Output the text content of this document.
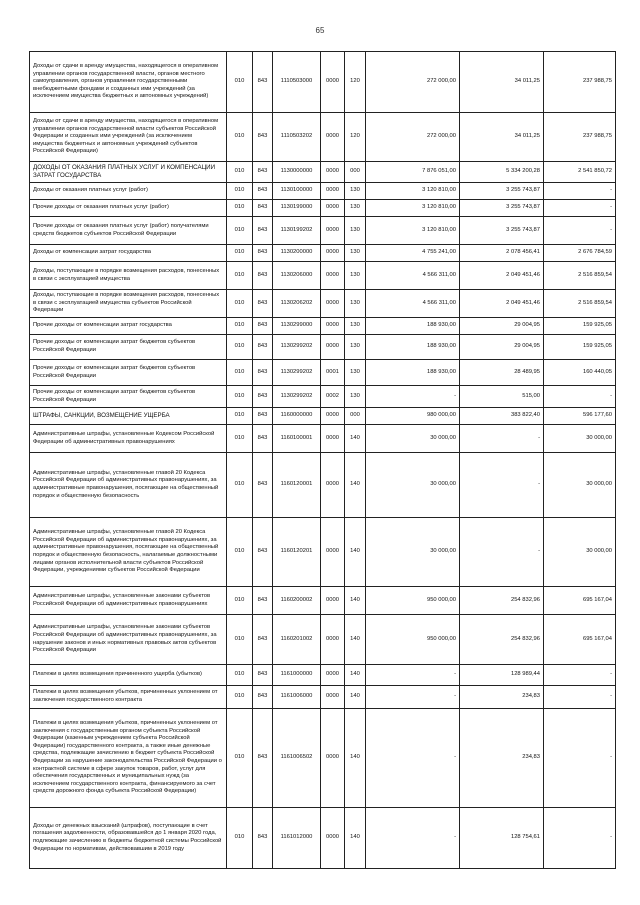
65
Доходы от сдачи в аренду имущества, находящегося в оперативном управлении органов государственной власти, органов местного самоуправления, органов управления государственными внебюджетными фондами и созданных ими учреждений (за исключением имущества бюджетных и автономных учреждений)	010	843	1110503000	0000	120	272 000,00	34 011,25	237 988,75
Доходы от сдачи в аренду имущества, находящегося в оперативном управлении органов государственной власти субъектов Российской Федерации и созданных ими учреждений (за исключением имущества бюджетных и автономных учреждений субъектов Российской Федерации)	010	843	1110503202	0000	120	272 000,00	34 011,25	237 988,75
ДОХОДЫ ОТ ОКАЗАНИЯ ПЛАТНЫХ УСЛУГ И КОМПЕНСАЦИИ ЗАТРАТ ГОСУДАРСТВА	010	843	1130000000	0000	000	7 876 051,00	5 334 200,28	2 541 850,72
Доходы от оказания платных услуг (работ)	010	843	1130100000	0000	130	3 120 810,00	3 255 743,87	-
Прочие доходы от оказания платных услуг (работ)	010	843	1130199000	0000	130	3 120 810,00	3 255 743,87	-
Прочие доходы от оказания платных услуг (работ) получателями средств бюджетов субъектов Российской Федерации	010	843	1130199202	0000	130	3 120 810,00	3 255 743,87	-
Доходы от компенсации затрат государства	010	843	1130200000	0000	130	4 755 241,00	2 078 456,41	2 676 784,59
Доходы, поступающие в порядке возмещения расходов, понесенных в связи с эксплуатацией имущества	010	843	1130206000	0000	130	4 566 311,00	2 049 451,46	2 516 859,54
Доходы, поступающие в порядке возмещения расходов, понесенных в связи с эксплуатацией имущества субъектов Российской Федерации	010	843	1130206202	0000	130	4 566 311,00	2 049 451,46	2 516 859,54
Прочие доходы от компенсации затрат государства	010	843	1130299000	0000	130	188 930,00	29 004,95	159 925,05
Прочие доходы от компенсации затрат бюджетов субъектов Российской Федерации	010	843	1130299202	0000	130	188 930,00	29 004,95	159 925,05
Прочие доходы от компенсации затрат бюджетов субъектов Российской Федерации	010	843	1130299202	0001	130	188 930,00	28 489,95	160 440,05
Прочие доходы от компенсации затрат бюджетов субъектов Российской Федерации	010	843	1130299202	0002	130	-	515,00	-
ШТРАФЫ, САНКЦИИ, ВОЗМЕЩЕНИЕ УЩЕРБА	010	843	1160000000	0000	000	980 000,00	383 822,40	596 177,60
Административные штрафы, установленные Кодексом Российской Федерации об административных правонарушениях	010	843	1160100001	0000	140	30 000,00	-	30 000,00
Административные штрафы, установленные главой 20 Кодекса Российской Федерации об административных правонарушениях, за административные правонарушения, посягающие на общественный порядок и общественную безопасность	010	843	1160120001	0000	140	30 000,00	-	30 000,00
Административные штрафы, установленные главой 20 Кодекса Российской Федерации об административных правонарушениях, за административные правонарушения, посягающие на общественный порядок и общественную безопасность, налагаемые должностными лицами органов исполнительной власти субъектов Российской Федерации, учреждениями субъектов Российской Федерации	010	843	1160120201	0000	140	30 000,00	-	30 000,00
Административные штрафы, установленные законами субъектов Российской Федерации об административных правонарушениях	010	843	1160200002	0000	140	950 000,00	254 832,96	695 167,04
Административные штрафы, установленные законами субъектов Российской Федерации об административных правонарушениях, за нарушение законов и иных нормативных правовых актов субъектов Российской Федерации	010	843	1160201002	0000	140	950 000,00	254 832,96	695 167,04
Платежи в целях возмещения причиненного ущерба (убытков)	010	843	1161000000	0000	140	-	128 989,44	-
Платежи в целях возмещения убытков, причиненных уклонением от заключения государственного контракта	010	843	1161006000	0000	140	-	234,83	-
Платежи в целях возмещения убытков, причиненных уклонением от заключения с государственным органом субъекта Российской Федерации (казенным учреждением субъекта Российской Федерации) государственного контракта, а также иные денежные средства, подлежащие зачислению в бюджет субъекта Российской Федерации за нарушение законодательства Российской Федерации о контрактной системе в сфере закупок товаров, работ, услуг для обеспечения государственных и муниципальных нужд (за исключением государственного контракта, финансируемого за счет средств дорожного фонда субъекта Российской Федерации)	010	843	1161006502	0000	140	-	234,83	-
Доходы от денежных взысканий (штрафов), поступающие в счет погашения задолженности, образовавшейся до 1 января 2020 года, подлежащие зачислению в бюджеты бюджетной системы Российской Федерации по нормативам, действовавшим в 2019 году	010	843	1161012000	0000	140	-	128 754,61	-
